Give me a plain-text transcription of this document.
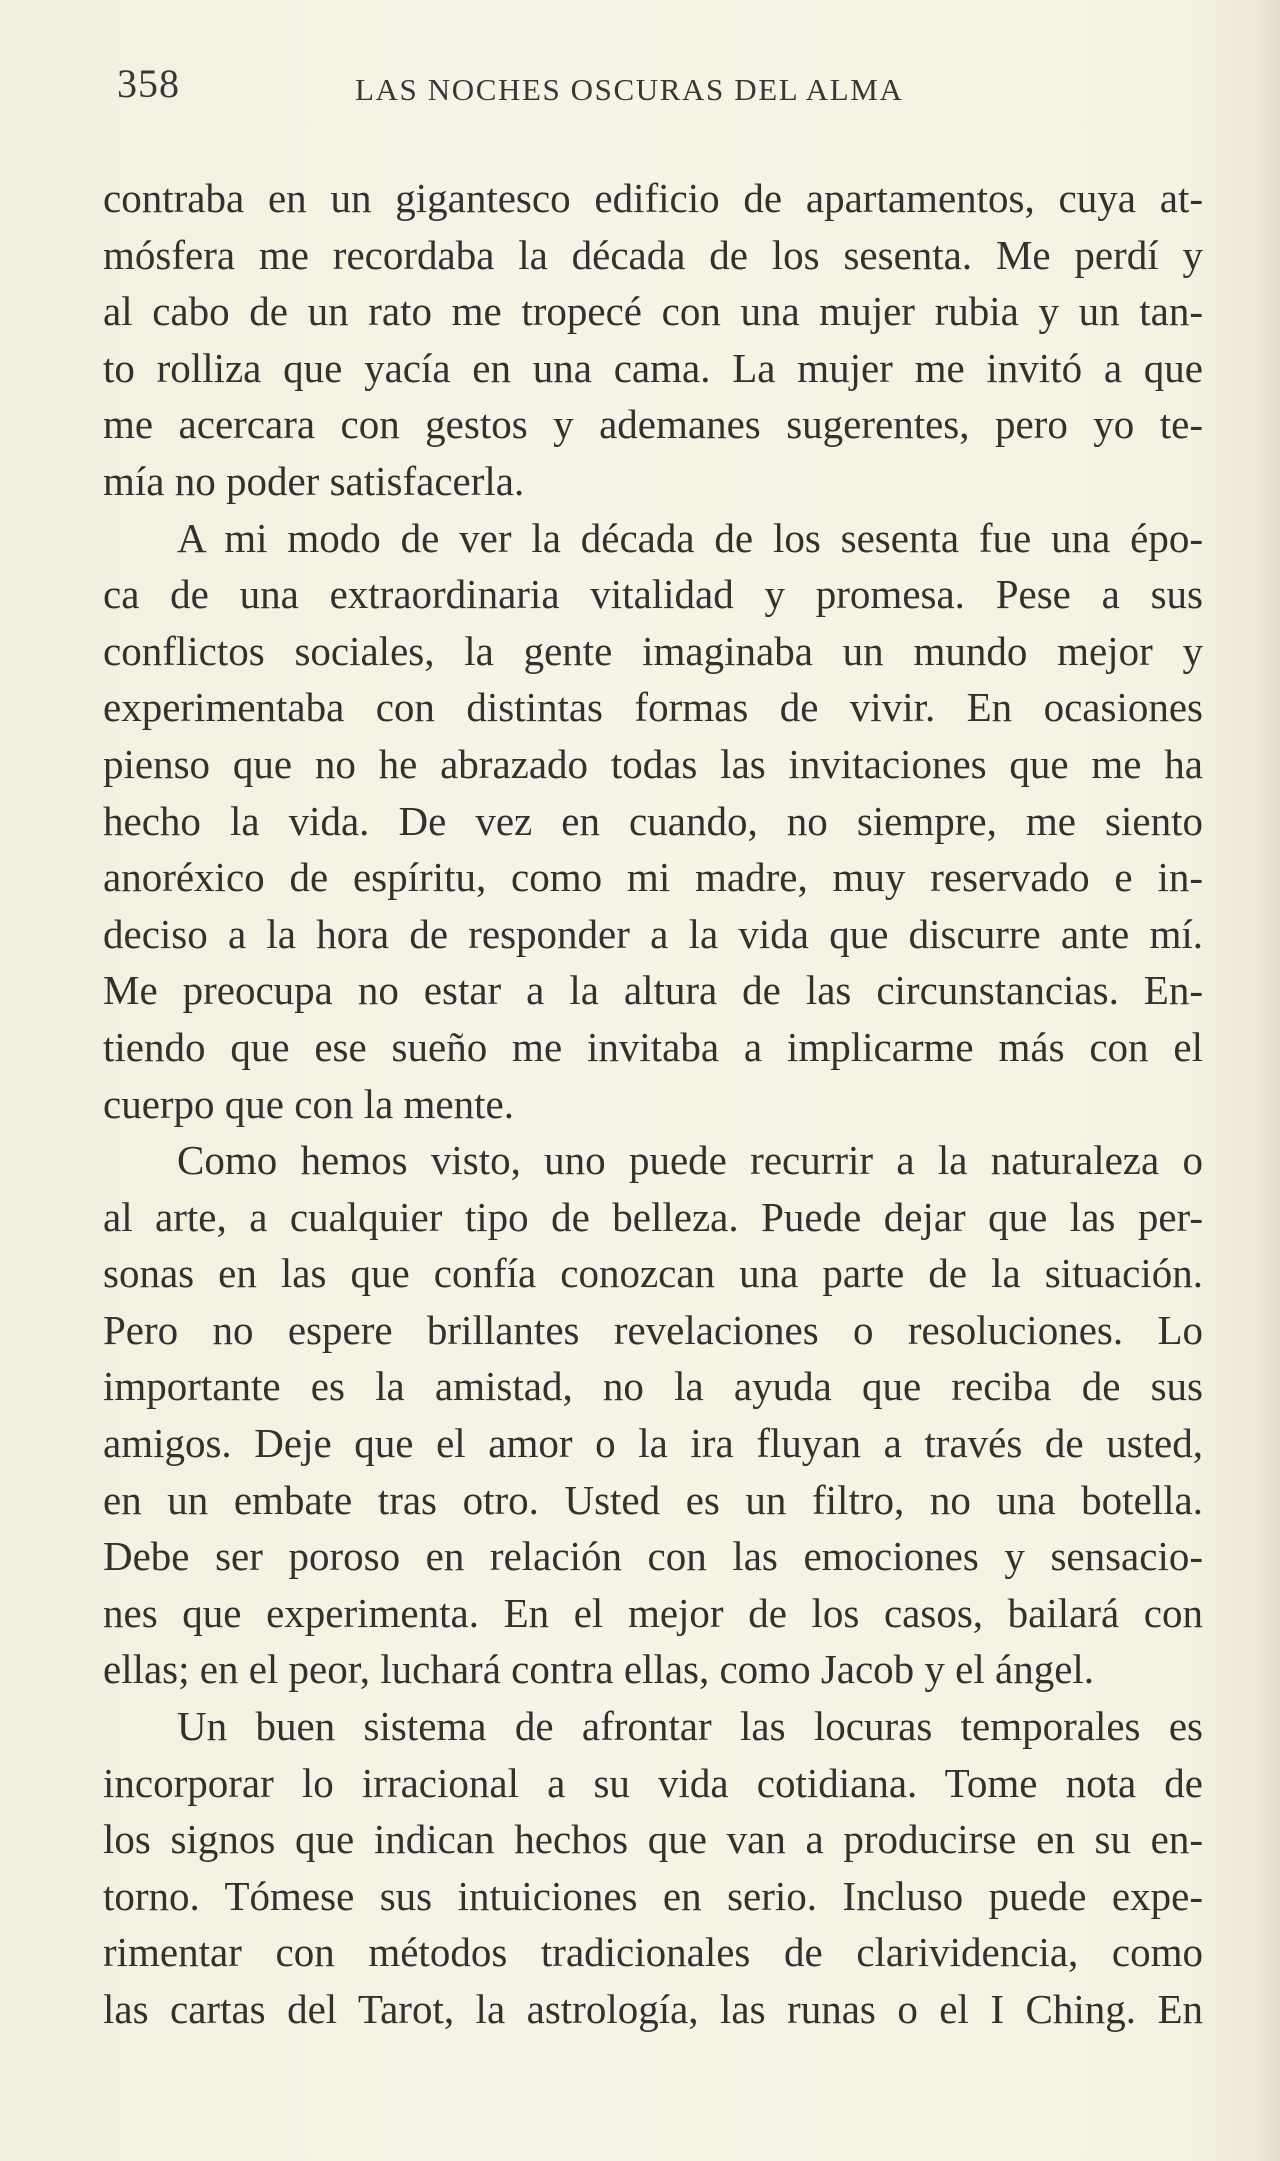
358	LAS NOCHES OSCURAS DEL ALMA

contraba en un gigantesco edificio de apartamentos, cuya at-
mósfera me recordaba la década de los sesenta. Me perdí y
al cabo de un rato me tropecé con una mujer rubia y un tan-
to rolliza que yacía en una cama. La mujer me invitó a que
me acercara con gestos y ademanes sugerentes, pero yo te-
mía no poder satisfacerla.

A mi modo de ver la década de los sesenta fue una épo-
ca de una extraordinaria vitalidad y promesa. Pese a sus
conflictos sociales, la gente imaginaba un mundo mejor y
experimentaba con distintas formas de vivir. En ocasiones
pienso que no he abrazado todas las invitaciones que me ha
hecho la vida. De vez en cuando, no siempre, me siento
anoréxico de espíritu, como mi madre, muy reservado e in-
deciso a la hora de responder a la vida que discurre ante mí.
Me preocupa no estar a la altura de las circunstancias. En-
tiendo que ese sueño me invitaba a implicarme más con el
cuerpo que con la mente.

Como hemos visto, uno puede recurrir a la naturaleza o
al arte, a cualquier tipo de belleza. Puede dejar que las per-
sonas en las que confía conozcan una parte de la situación.
Pero no espere brillantes revelaciones o resoluciones. Lo
importante es la amistad, no la ayuda que reciba de sus
amigos. Deje que el amor o la ira fluyan a través de usted,
en un embate tras otro. Usted es un filtro, no una botella.
Debe ser poroso en relación con las emociones y sensacio-
nes que experimenta. En el mejor de los casos, bailará con
ellas; en el peor, luchará contra ellas, como Jacob y el ángel.

Un buen sistema de afrontar las locuras temporales es
incorporar lo irracional a su vida cotidiana. Tome nota de
los signos que indican hechos que van a producirse en su en-
torno. Tómese sus intuiciones en serio. Incluso puede expe-
rimentar con métodos tradicionales de clarividencia, como
las cartas del Tarot, la astrología, las runas o el I Ching. En
